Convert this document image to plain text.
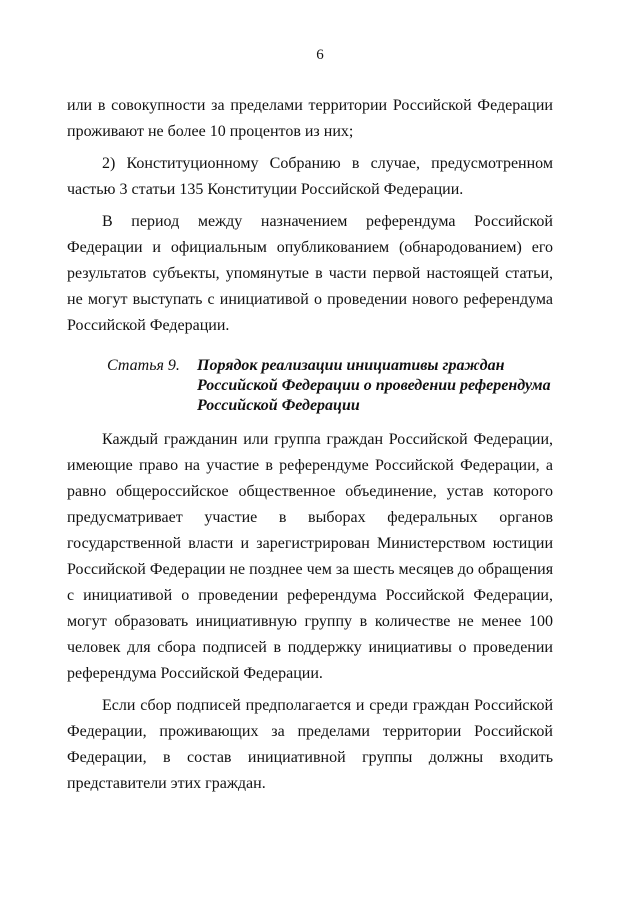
6
или в совокупности за пределами территории Российской Федерации
проживают не более 10 процентов из них;
2) Конституционному Собранию в случае, предусмотренном
частью 3 статьи 135 Конституции Российской Федерации.
В период между назначением референдума Российской
Федерации и официальным опубликованием (обнародованием) его
результатов субъекты, упомянутые в части первой настоящей статьи,
не могут выступать с инициативой о проведении нового референдума
Российской Федерации.
Статья 9. Порядок реализации инициативы граждан
Российской Федерации о проведении референдума
Российской Федерации
Каждый гражданин или группа граждан Российской Федерации,
имеющие право на участие в референдуме Российской Федерации, а
равно общероссийское общественное объединение, устав которого
предусматривает участие в выборах федеральных органов
государственной власти и зарегистрирован Министерством юстиции
Российской Федерации не позднее чем за шесть месяцев до обращения
с инициативой о проведении референдума Российской Федерации,
могут образовать инициативную группу в количестве не менее 100
человек для сбора подписей в поддержку инициативы о проведении
референдума Российской Федерации.
Если сбор подписей предполагается и среди граждан Российской
Федерации, проживающих за пределами территории Российской
Федерации, в состав инициативной группы должны входить
представители этих граждан.
